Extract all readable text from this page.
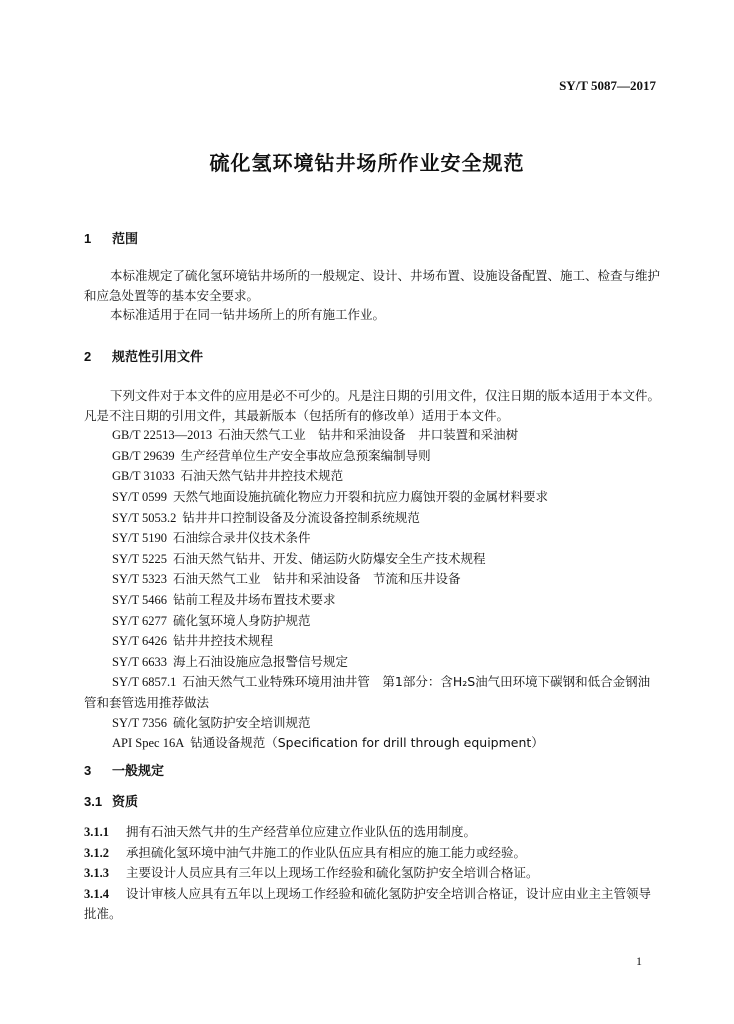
SY/T 5087—2017
硫化氢环境钻井场所作业安全规范
1 范围
本标准规定了硫化氢环境钻井场所的一般规定、设计、井场布置、设施设备配置、施工、检查与维护和应急处置等的基本安全要求。
本标准适用于在同一钻井场所上的所有施工作业。
2 规范性引用文件
下列文件对于本文件的应用是必不可少的。凡是注日期的引用文件，仅注日期的版本适用于本文件。凡是不注日期的引用文件，其最新版本（包括所有的修改单）适用于本文件。
GB/T 22513—2013 石油天然气工业　钻井和采油设备　井口装置和采油树
GB/T 29639 生产经营单位生产安全事故应急预案编制导则
GB/T 31033 石油天然气钻井井控技术规范
SY/T 0599 天然气地面设施抗硫化物应力开裂和抗应力腐蚀开裂的金属材料要求
SY/T 5053.2 钻井井口控制设备及分流设备控制系统规范
SY/T 5190 石油综合录井仪技术条件
SY/T 5225 石油天然气钻井、开发、储运防火防爆安全生产技术规程
SY/T 5323 石油天然气工业　钻井和采油设备　节流和压井设备
SY/T 5466 钻前工程及井场布置技术要求
SY/T 6277 硫化氢环境人身防护规范
SY/T 6426 钻井井控技术规程
SY/T 6633 海上石油设施应急报警信号规定
SY/T 6857.1 石油天然气工业特殊环境用油井管　第1部分：含H₂S油气田环境下碳钢和低合金钢油管和套管选用推荐做法
SY/T 7356 硫化氢防护安全培训规范
API Spec 16A 钻通设备规范（Specification for drill through equipment）
3 一般规定
3.1 资质
3.1.1 拥有石油天然气井的生产经营单位应建立作业队伍的选用制度。
3.1.2 承担硫化氢环境中油气井施工的作业队伍应具有相应的施工能力或经验。
3.1.3 主要设计人员应具有三年以上现场工作经验和硫化氢防护安全培训合格证。
3.1.4 设计审核人应具有五年以上现场工作经验和硫化氢防护安全培训合格证，设计应由业主主管领导批准。
1
